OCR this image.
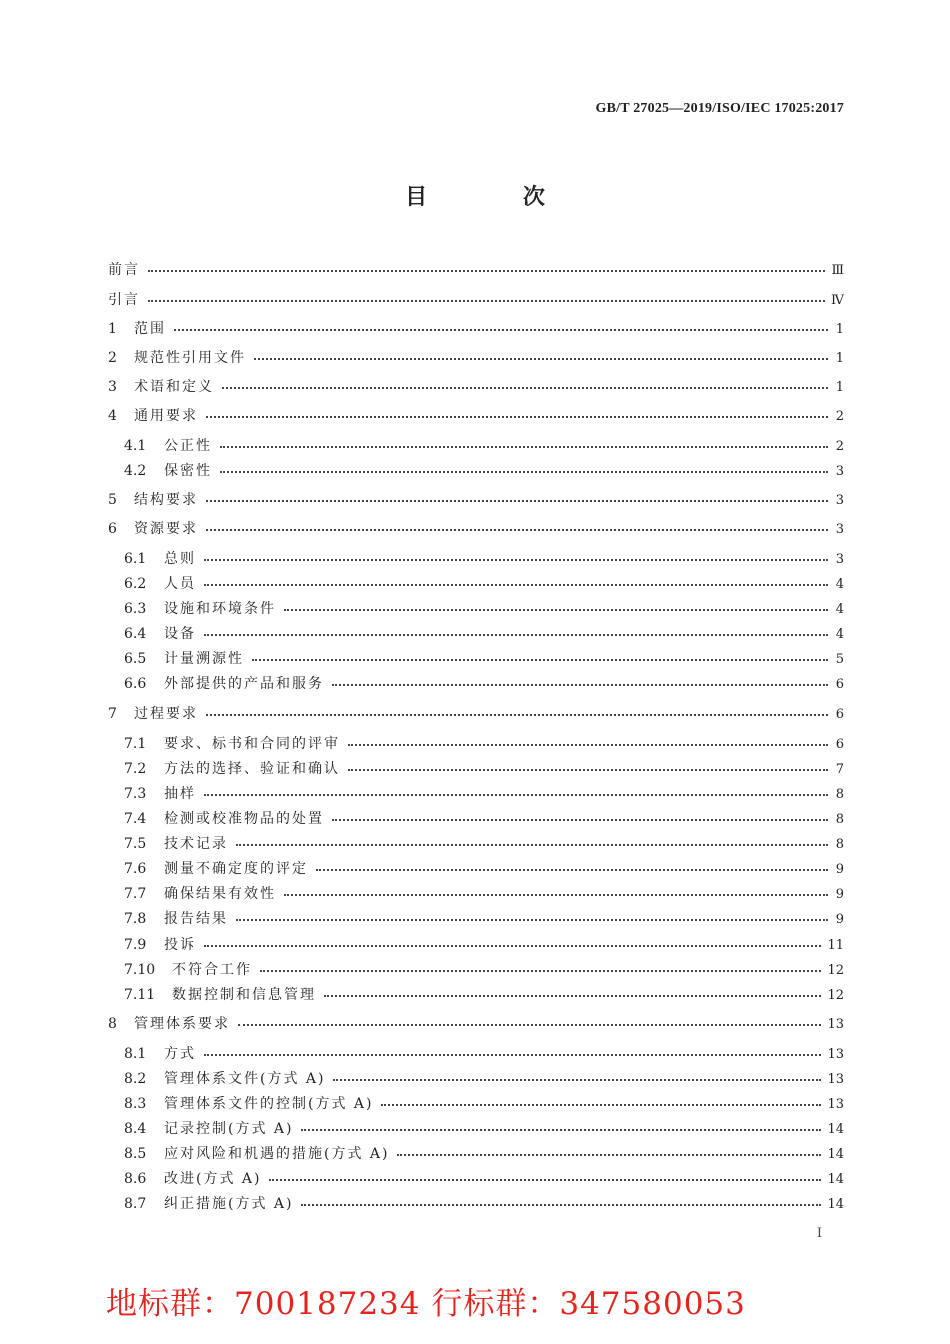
GB/T 27025—2019/ISO/IEC 17025:2017
目 次
前言	Ⅲ
引言	Ⅳ
1	范围	1
2	规范性引用文件	1
3	术语和定义	1
4	通用要求	2
4.1	公正性	2
4.2	保密性	3
5	结构要求	3
6	资源要求	3
6.1	总则	3
6.2	人员	4
6.3	设施和环境条件	4
6.4	设备	4
6.5	计量溯源性	5
6.6	外部提供的产品和服务	6
7	过程要求	6
7.1	要求、标书和合同的评审	6
7.2	方法的选择、验证和确认	7
7.3	抽样	8
7.4	检测或校准物品的处置	8
7.5	技术记录	8
7.6	测量不确定度的评定	9
7.7	确保结果有效性	9
7.8	报告结果	9
7.9	投诉	11
7.10	不符合工作	12
7.11	数据控制和信息管理	12
8	管理体系要求	13
8.1	方式	13
8.2	管理体系文件(方式 A)	13
8.3	管理体系文件的控制(方式 A)	13
8.4	记录控制(方式 A)	14
8.5	应对风险和机遇的措施(方式 A)	14
8.6	改进(方式 A)	14
8.7	纠正措施(方式 A)	14
I
地标群：700187234 行标群：347580053
